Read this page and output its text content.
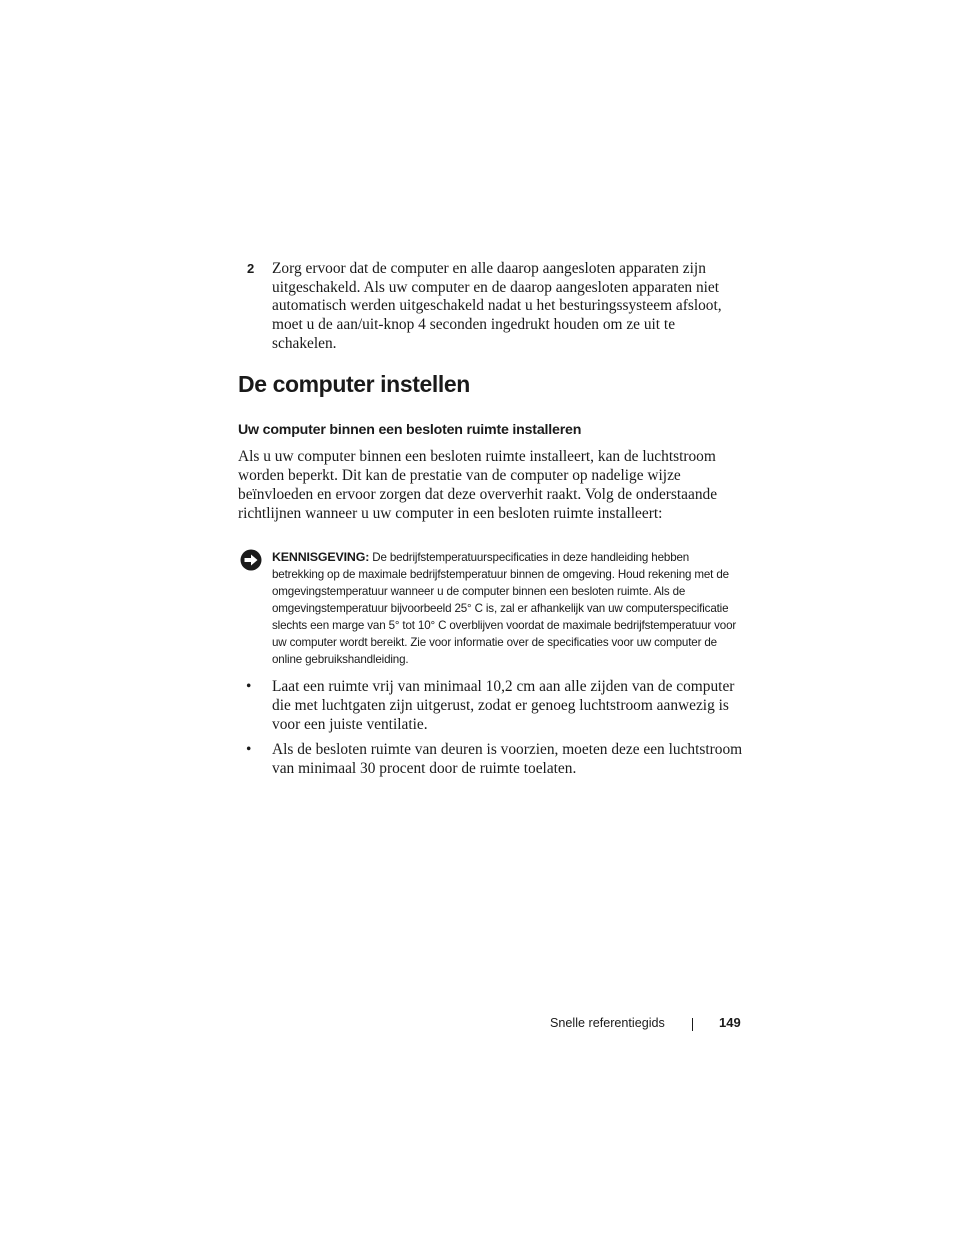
2 Zorg ervoor dat de computer en alle daarop aangesloten apparaten zijn uitgeschakeld. Als uw computer en de daarop aangesloten apparaten niet automatisch werden uitgeschakeld nadat u het besturingssysteem afsloot, moet u de aan/uit-knop 4 seconden ingedrukt houden om ze uit te schakelen.
De computer instellen
Uw computer binnen een besloten ruimte installeren

Als u uw computer binnen een besloten ruimte installeert, kan de luchtstroom worden beperkt. Dit kan de prestatie van de computer op nadelige wijze beïnvloeden en ervoor zorgen dat deze oververhit raakt. Volg de onderstaande richtlijnen wanneer u uw computer in een besloten ruimte installeert:

KENNISGEVING: De bedrijfstemperatuurspecificaties in deze handleiding hebben betrekking op de maximale bedrijfstemperatuur binnen de omgeving. Houd rekening met de omgevingstemperatuur wanneer u de computer binnen een besloten ruimte. Als de omgevingstemperatuur bijvoorbeeld 25° C is, zal er afhankelijk van uw computerspecificatie slechts een marge van 5° tot 10° C overblijven voordat de maximale bedrijfstemperatuur voor uw computer wordt bereikt. Zie voor informatie over de specificaties voor uw computer de online gebruikshandleiding.
• Laat een ruimte vrij van minimaal 10,2 cm aan alle zijden van de computer die met luchtgaten zijn uitgerust, zodat er genoeg luchtstroom aanwezig is voor een juiste ventilatie.
• Als de besloten ruimte van deuren is voorzien, moeten deze een luchtstroom van minimaal 30 procent door de ruimte toelaten.
Snelle referentiegids	149
